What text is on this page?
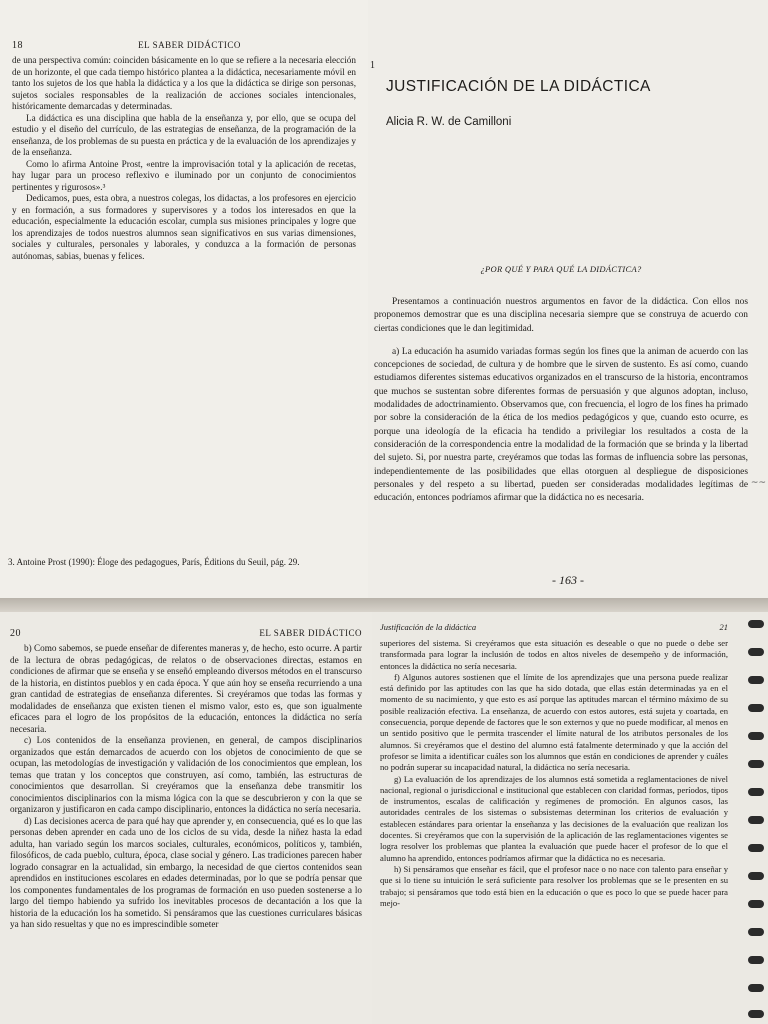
18	EL SABER DIDÁCTICO

de una perspectiva común: coinciden básicamente en lo que se refiere a la necesaria elección de un horizonte, el que cada tiempo histórico plantea a la didáctica, necesariamente móvil en tanto los sujetos de los que habla la didáctica y a los que la didáctica se dirige son personas, sujetos sociales responsables de la realización de acciones sociales intencionales, históricamente demarcadas y determinadas.

La didáctica es una disciplina que habla de la enseñanza y, por ello, que se ocupa del estudio y el diseño del currículo, de las estrategias de enseñanza, de la programación de la enseñanza, de los problemas de su puesta en práctica y de la evaluación de los aprendizajes y de la enseñanza.

Como lo afirma Antoine Prost, «entre la improvisación total y la aplicación de recetas, hay lugar para un proceso reflexivo e iluminado por un conjunto de conocimientos pertinentes y rigurosos».³

Dedicamos, pues, esta obra, a nuestros colegas, los didactas, a los profesores en ejercicio y en formación, a sus formadores y supervisores y a todos los interesados en que la educación, especialmente la educación escolar, cumpla sus misiones principales y logre que los aprendizajes de todos nuestros alumnos sean significativos en sus varias dimensiones, sociales y culturales, personales y laborales, y conduzca a la formación de personas autónomas, sabias, buenas y felices.

3. Antoine Prost (1990): Éloge des pedagogues, París, Éditions du Seuil, pág. 29.
1
JUSTIFICACIÓN DE LA DIDÁCTICA
Alicia R. W. de Camilloni
¿POR QUÉ Y PARA QUÉ LA DIDÁCTICA?

Presentamos a continuación nuestros argumentos en favor de la didáctica. Con ellos nos proponemos demostrar que es una disciplina necesaria siempre que se construya de acuerdo con ciertas condiciones que le dan legitimidad.

a) La educación ha asumido variadas formas según los fines que la animan de acuerdo con las concepciones de sociedad, de cultura y de hombre que le sirven de sustento. Es así como, cuando estudiamos diferentes sistemas educativos organizados en el transcurso de la historia, encontramos que muchos se sustentan sobre diferentes formas de persuasión y que algunos adoptan, incluso, modalidades de adoctrinamiento. Observamos que, con frecuencia, el logro de los fines ha primado por sobre la consideración de la ética de los medios pedagógicos y que, cuando esto ocurre, es porque una ideología de la eficacia ha tendido a privilegiar los resultados a costa de la consideración de la correspondencia entre la modalidad de la formación que se brinda y la libertad del sujeto. Si, por nuestra parte, creyéramos que todas las formas de influencia sobre las personas, independientemente de las posibilidades que ellas otorguen al despliegue de disposiciones personales y del respeto a su libertad, pueden ser consideradas modalidades legítimas de educación, entonces podríamos afirmar que la didáctica no es necesaria.

- 163 -
~~
20	EL SABER DIDÁCTICO

b) Como sabemos, se puede enseñar de diferentes maneras y, de hecho, esto ocurre. A partir de la lectura de obras pedagógicas, de relatos o de observaciones directas, estamos en condiciones de afirmar que se enseña y se enseñó empleando diversos métodos en el transcurso de la historia, en distintos pueblos y en cada época. Y que aún hoy se enseña recurriendo a una gran cantidad de estrategias de enseñanza diferentes. Si creyéramos que todas las formas y modalidades de enseñanza que existen tienen el mismo valor, esto es, que son igualmente eficaces para el logro de los propósitos de la educación, entonces la didáctica no sería necesaria.

c) Los contenidos de la enseñanza provienen, en general, de campos disciplinarios organizados que están demarcados de acuerdo con los objetos de conocimiento de que se ocupan, las metodologías de investigación y validación de los conocimientos que emplean, los temas que tratan y los conceptos que construyen, así como, también, las estructuras de conocimientos que desarrollan. Si creyéramos que la enseñanza debe transmitir los conocimientos disciplinarios con la misma lógica con la que se descubrieron y con la que se organizaron y justificaron en cada campo disciplinario, entonces la didáctica no sería necesaria.

d) Las decisiones acerca de para qué hay que aprender y, en consecuencia, qué es lo que las personas deben aprender en cada uno de los ciclos de su vida, desde la niñez hasta la edad adulta, han variado según los marcos sociales, culturales, económicos, políticos y, también, filosóficos, de cada pueblo, cultura, época, clase social y género. Las tradiciones parecen haber logrado consagrar en la actualidad, sin embargo, la necesidad de que ciertos contenidos sean aprendidos en instituciones escolares en edades determinadas, por lo que se podría pensar que los componentes fundamentales de los programas de formación en uso pueden sostenerse a lo largo del tiempo habiendo ya sufrido los inevitables procesos de decantación a los que la historia de la educación los ha sometido. Si pensáramos que las cuestiones curriculares básicas ya han sido resueltas y que no es imprescindible someter

Justificación de la didáctica	21

superiores del sistema. Si creyéramos que esta situación es deseable o que no puede o debe ser transformada para lograr la inclusión de todos en altos niveles de desempeño y de información, entonces la didáctica no sería necesaria.

f) Algunos autores sostienen que el límite de los aprendizajes que una persona puede realizar está definido por las aptitudes con las que ha sido dotada, que ellas están determinadas ya en el momento de su nacimiento, y que esto es así porque las aptitudes marcan el término máximo de su posible realización efectiva. La enseñanza, de acuerdo con estos autores, está sujeta y coartada, en consecuencia, porque depende de factores que le son externos y que no puede modificar, al menos en un sentido positivo que le permita trascender el límite natural de los atributos personales de los alumnos. Si creyéramos que el destino del alumno está fatalmente determinado y que la acción del profesor se limita a identificar cuáles son los alumnos que están en condiciones de aprender y cuáles no podrán superar su incapacidad natural, la didáctica no sería necesaria.

g) La evaluación de los aprendizajes de los alumnos está sometida a reglamentaciones de nivel nacional, regional o jurisdiccional e institucional que establecen con claridad formas, períodos, tipos de instrumentos, escalas de calificación y regímenes de promoción. En algunos casos, las autoridades centrales de los sistemas o subsistemas determinan los criterios de evaluación y establecen estándares para orientar la enseñanza y las decisiones de la evaluación que realizan los docentes. Si creyéramos que con la supervisión de la aplicación de las reglamentaciones vigentes se logra resolver los problemas que plantea la evaluación que puede hacer el profesor de lo que el alumno ha aprendido, entonces podríamos afirmar que la didáctica no es necesaria.

h) Si pensáramos que enseñar es fácil, que el profesor nace o no nace con talento para enseñar y que si lo tiene su intuición le será suficiente para resolver los problemas que se le presenten en su trabajo; si pensáramos que todo está bien en la educación o que es poco lo que se puede hacer para mejo-
